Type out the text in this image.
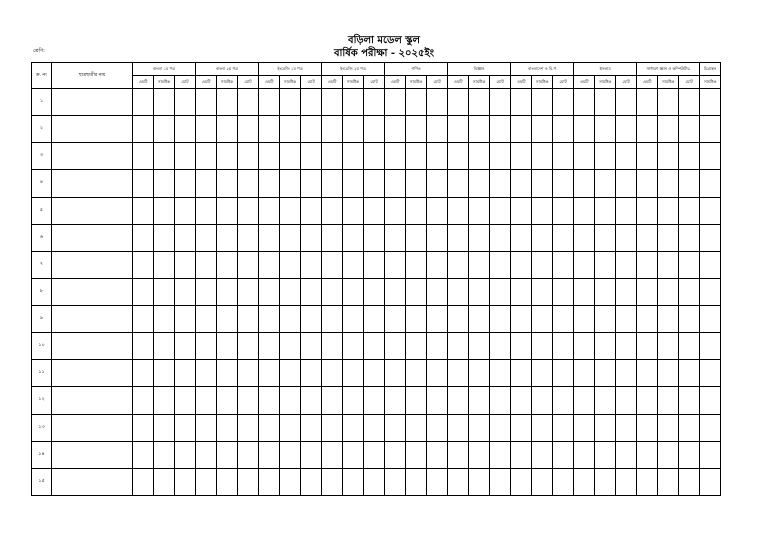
বড়িলা মডেল স্কুল
বার্ষিক পরীক্ষা - ২০২৫ইং
শ্রেণি:
ক্র. নং	ছাত্রছাত্রীর নাম	বাংলা ১ম পত্র			বাংলা ২য় পত্র			ইংরেজি ১ম পত্র			ইংরেজি ২য় পত্র			গণিত			বিজ্ঞান			বাংলাদেশ ও বি.প			ইসলাম			সাধারণ জ্ঞান ও কম্পিউটার			চিত্রাঙ্কন
		এমটি	সামষ্টিক	মোট	এমটি	সামষ্টিক	মোট	এমটি	সামষ্টিক	মোট	এমটি	সামষ্টিক	মোট	এমটি	সামষ্টিক	মোট	এমটি	সামষ্টিক	মোট	এমটি	সামষ্টিক	মোট	এমটি	সামষ্টিক	মোট	এমটি	সামষ্টিক	মোট	সামষ্টিক
১																													
২																													
৩																													
৪																													
৫																													
৬																													
৭																													
৮																													
৯																													
১০																													
১১																													
১২																													
১৩																													
১৪																													
১৫																													
